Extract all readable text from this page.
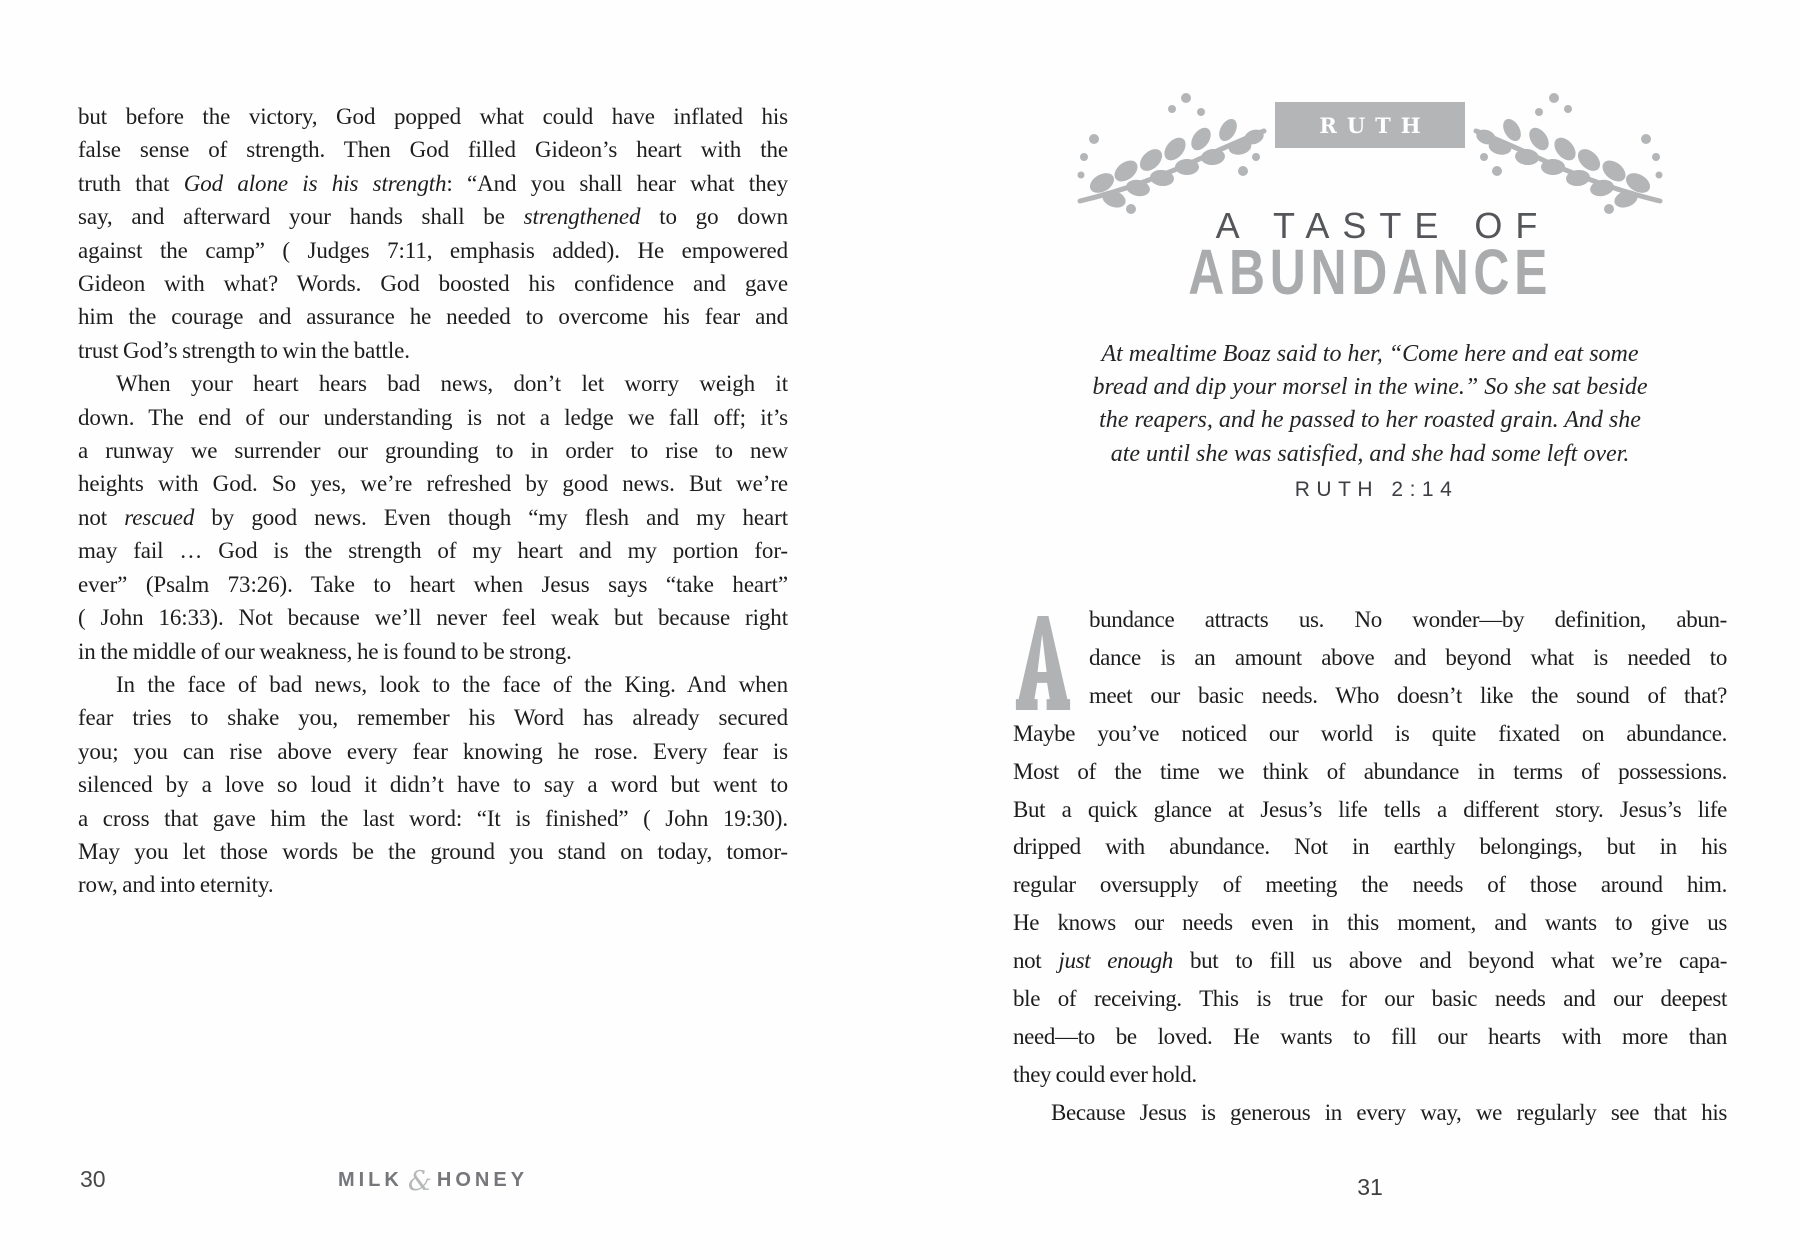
but before the victory, God popped what could have inflated his
false sense of strength. Then God filled Gideon’s heart with the
truth that God alone is his strength: “And you shall hear what they
say, and afterward your hands shall be strengthened to go down
against the camp” ( Judges 7:11, emphasis added). He empowered
Gideon with what? Words. God boosted his confidence and gave
him the courage and assurance he needed to overcome his fear and
trust God’s strength to win the battle.
When your heart hears bad news, don’t let worry weigh it
down. The end of our understanding is not a ledge we fall off; it’s
a runway we surrender our grounding to in order to rise to new
heights with God. So yes, we’re refreshed by good news. But we’re
not rescued by good news. Even though “my flesh and my heart
may fail … God is the strength of my heart and my portion for-
ever” (Psalm 73:26). Take to heart when Jesus says “take heart”
( John 16:33). Not because we’ll never feel weak but because right
in the middle of our weakness, he is found to be strong.
In the face of bad news, look to the face of the King. And when
fear tries to shake you, remember his Word has already secured
you; you can rise above every fear knowing he rose. Every fear is
silenced by a love so loud it didn’t have to say a word but went to
a cross that gave him the last word: “It is finished” ( John 19:30).
May you let those words be the ground you stand on today, tomor-
row, and into eternity.
30	MILK & HONEY
RUTH
A TASTE OF
ABUNDANCE
At mealtime Boaz said to her, “Come here and eat some
bread and dip your morsel in the wine.” So she sat beside
the reapers, and he passed to her roasted grain. And she
ate until she was satisfied, and she had some left over.
RUTH 2:14
bundance attracts us. No wonder—by definition, abun-
dance is an amount above and beyond what is needed to
meet our basic needs. Who doesn’t like the sound of that?
Maybe you’ve noticed our world is quite fixated on abundance.
Most of the time we think of abundance in terms of possessions.
But a quick glance at Jesus’s life tells a different story. Jesus’s life
dripped with abundance. Not in earthly belongings, but in his
regular oversupply of meeting the needs of those around him.
He knows our needs even in this moment, and wants to give us
not just enough but to fill us above and beyond what we’re capa-
ble of receiving. This is true for our basic needs and our deepest
need—to be loved. He wants to fill our hearts with more than
they could ever hold.
Because Jesus is generous in every way, we regularly see that his
31
